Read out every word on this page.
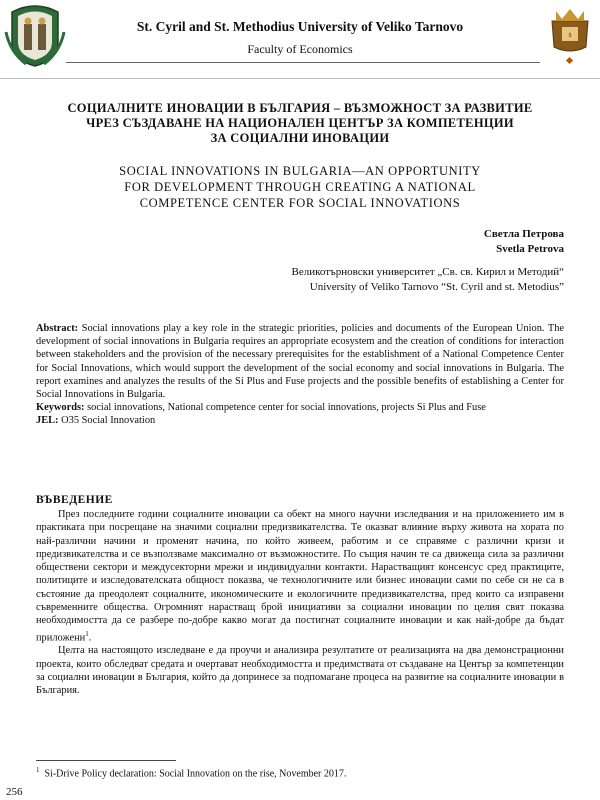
St. Cyril and St. Methodius University of Veliko Tarnovo
Faculty of Economics
$
СОЦИАЛНИТЕ ИНОВАЦИИ В БЪЛГАРИЯ – ВЪЗМОЖНОСТ ЗА РАЗВИТИЕ
ЧРЕЗ СЪЗДАВАНЕ НА НАЦИОНАЛЕН ЦЕНТЪР ЗА КОМПЕТЕНЦИИ
ЗА СОЦИАЛНИ ИНОВАЦИИ
SOCIAL INNOVATIONS IN BULGARIA—AN OPPORTUNITY
FOR DEVELOPMENT THROUGH CREATING A NATIONAL
COMPETENCE CENTER FOR SOCIAL INNOVATIONS
Светла Петрова
Svetla Petrova
Великотърновски университет „Св. св. Кирил и Методий“
University of Veliko Tarnovo “St. Cyril and st. Metodius”
Abstract: Social innovations play a key role in the strategic priorities, policies and documents of the European Union. The development of social innovations in Bulgaria requires an appropriate ecosystem and the creation of conditions for interaction between stakeholders and the provision of the necessary prerequisites for the establishment of a National Competence Center for Social Innovations, which would support the development of the social economy and social innovations in Bulgaria. The report examines and analyzes the results of the Si Plus and Fuse projects and the possible benefits of establishing a Center for Social Innovations in Bulgaria.
Keywords: social innovations, National competence center for social innovations, projects Si Plus and Fuse
JEL: O35 Social Innovation
ВЪВЕДЕНИЕ

През последните години социалните иновации са обект на много научни изследвания и на приложението им в практиката при посрещане на значими социални предизвикателства. Те оказват влияние върху живота на хората по най-различни начини и променят начина, по който живеем, работим и се справяме с различни кризи и предизвикателства и се възползваме максимално от възможностите. По същия начин те са движеща сила за различни обществени сектори и междусекторни мрежи и индивидуални контакти. Нарастващият консенсус сред практиците, политиците и изследователската общност показва, че технологичните или бизнес иновации сами по себе си не са в състояние да преодолеят социалните, икономическите и екологичните предизвикателства, пред които са изправени съвременните общества. Огромният нарастващ брой инициативи за социални иновации по целия свят показва необходимостта да се разбере по-добре какво могат да постигнат социалните иновации и как най-добре да бъдат приложени$^1$.

Целта на настоящото изследване е да проучи и анализира резултатите от реализацията на два демонстрационни проекта, които обследват средата и очертават необходимостта и предимствата от създаване на Център за компетенции за социални иновации в България, който да допринесе за подпомагане процеса на развитие на социалните иновации в България.

$^1$ Si-Drive Policy declaration: Social Innovation on the rise, November 2017.
256
